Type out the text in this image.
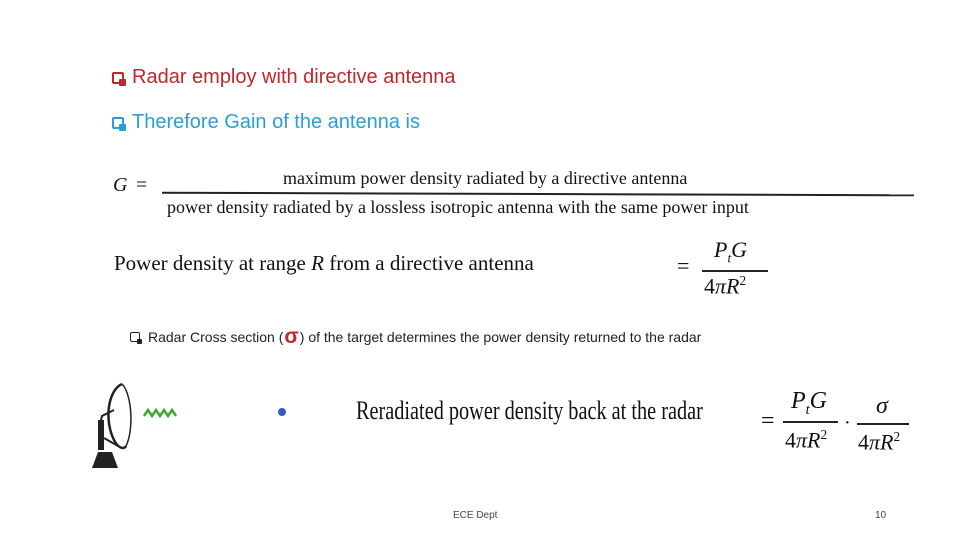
Radar employ with directive antenna
Therefore Gain of the antenna is
G =	maximum power density radiated by a directive antenna
power density radiated by a lossless isotropic antenna with the same power input
Power density at range R from a directive antenna	=
$P_tG$
$4\pi R^2$
Radar Cross section ( σ ) of the target determines the power density returned to the radar
Reradiated power density back at the radar =
$P_tG$
$4\pi R^2$
·
σ
$4\pi R^2$
ECE Dept	10
